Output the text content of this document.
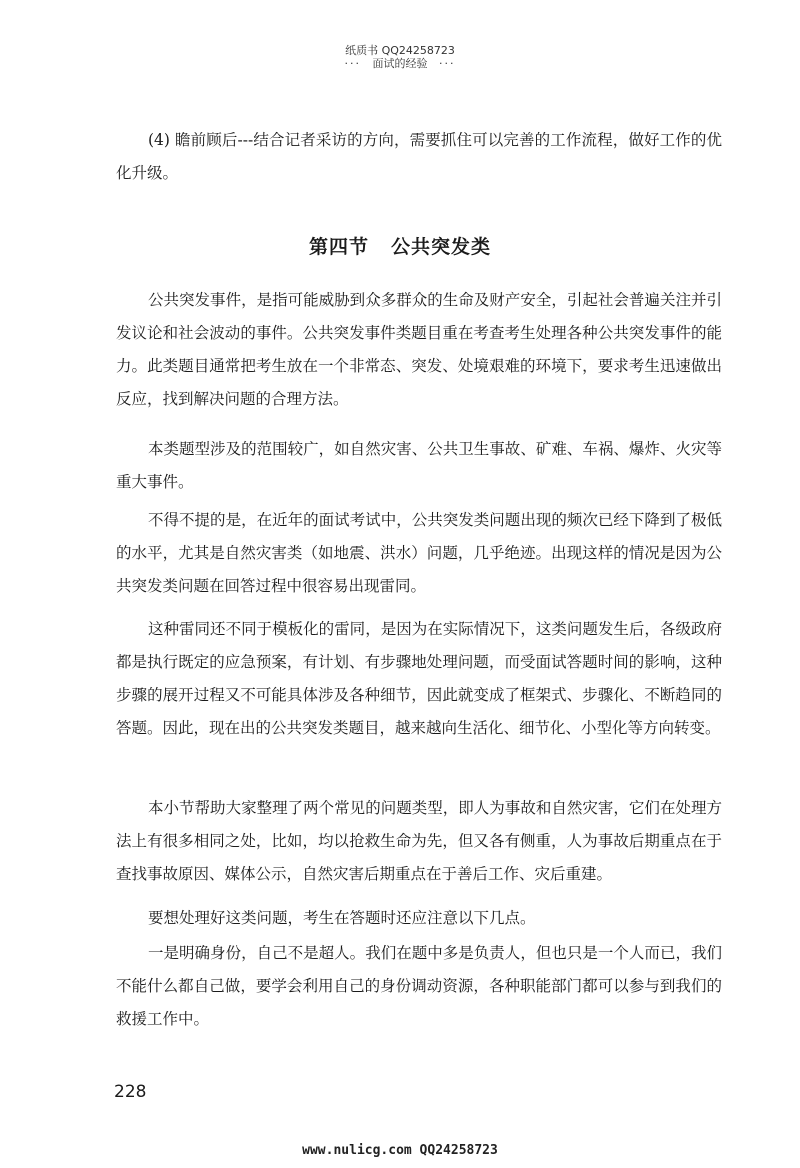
纸质书 QQ24258723
··· 面试的经验 ···

(4) 瞻前顾后---结合记者采访的方向，需要抓住可以完善的工作流程，做好工作的优化升级。

第四节 公共突发类

公共突发事件，是指可能威胁到众多群众的生命及财产安全，引起社会普遍关注并引发议论和社会波动的事件。公共突发事件类题目重在考查考生处理各种公共突发事件的能力。此类题目通常把考生放在一个非常态、突发、处境艰难的环境下，要求考生迅速做出反应，找到解决问题的合理方法。

本类题型涉及的范围较广，如自然灾害、公共卫生事故、矿难、车祸、爆炸、火灾等重大事件。

不得不提的是，在近年的面试考试中，公共突发类问题出现的频次已经下降到了极低的水平，尤其是自然灾害类（如地震、洪水）问题，几乎绝迹。出现这样的情况是因为公共突发类问题在回答过程中很容易出现雷同。

这种雷同还不同于模板化的雷同，是因为在实际情况下，这类问题发生后，各级政府都是执行既定的应急预案，有计划、有步骤地处理问题，而受面试答题时间的影响，这种步骤的展开过程又不可能具体涉及各种细节，因此就变成了框架式、步骤化、不断趋同的答题。因此，现在出的公共突发类题目，越来越向生活化、细节化、小型化等方向转变。

本小节帮助大家整理了两个常见的问题类型，即人为事故和自然灾害，它们在处理方法上有很多相同之处，比如，均以抢救生命为先，但又各有侧重，人为事故后期重点在于查找事故原因、媒体公示，自然灾害后期重点在于善后工作、灾后重建。

要想处理好这类问题，考生在答题时还应注意以下几点。

一是明确身份，自己不是超人。我们在题中多是负责人，但也只是一个人而已，我们不能什么都自己做，要学会利用自己的身份调动资源，各种职能部门都可以参与到我们的救援工作中。

228
www.nulicg.com QQ24258723
